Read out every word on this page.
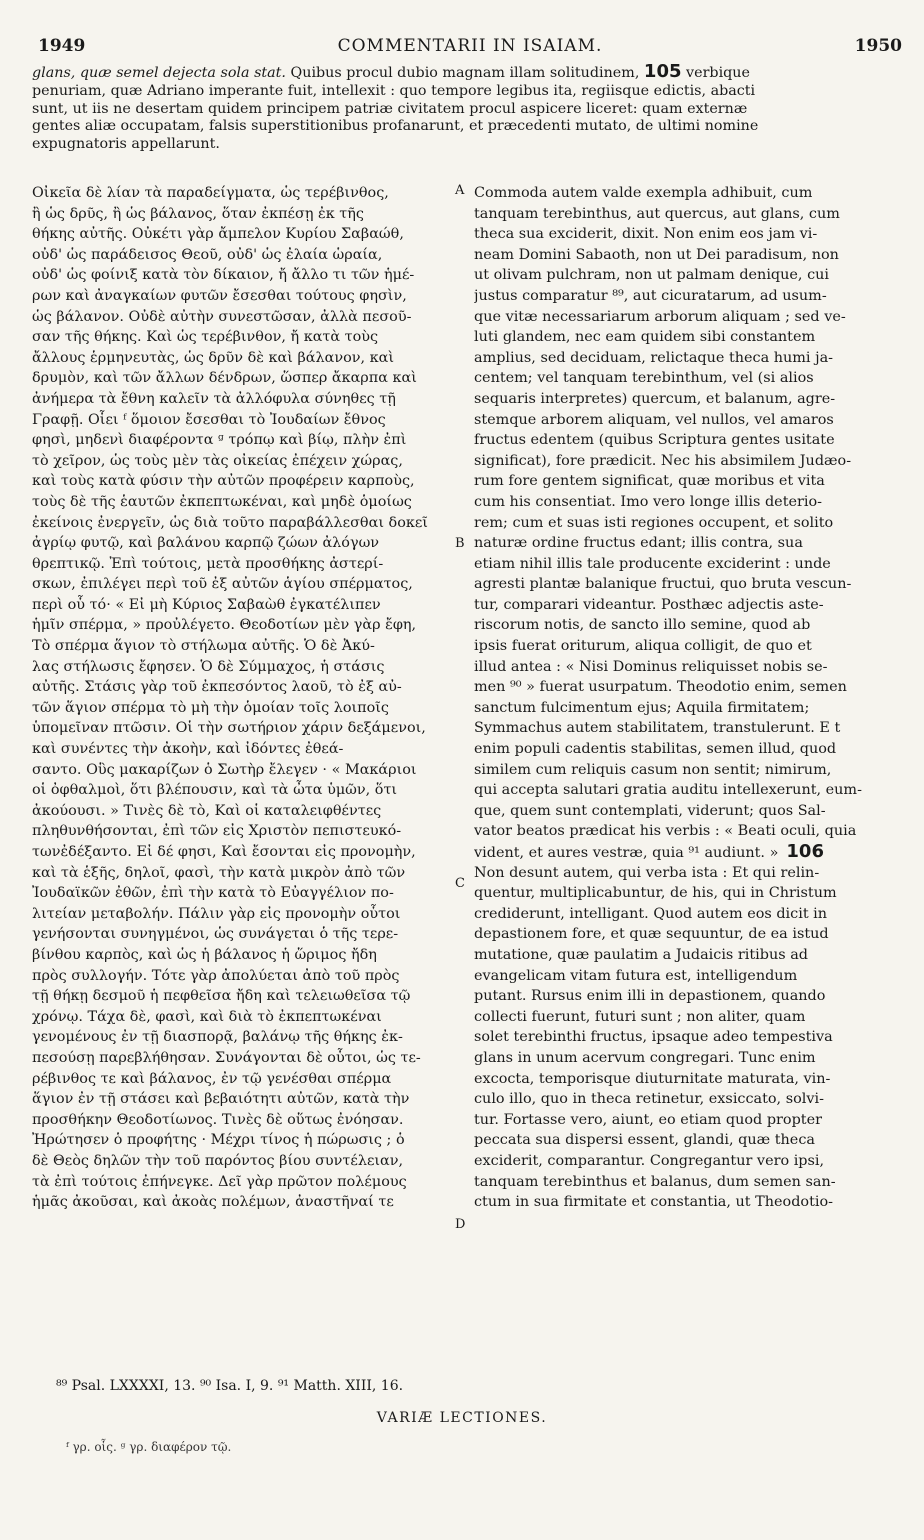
1949	COMMENTARII IN ISAIAM.	1950
glans, quæ semel dejecta sola stat. Quibus procul dubio magnam illam solitudinem, 105 verbique
penuriam, quæ Adriano imperante fuit, intellexit : quo tempore legibus ita, regiisque edictis, abacti
sunt, ut iis ne desertam quidem principem patriæ civitatem procul aspicere liceret: quam externæ
gentes aliæ occupatam, falsis superstitionibus profanarunt, et præcedenti mutato, de ultimi nomine
expugnatoris appellarunt.
Οἰκεῖα δὲ λίαν τὰ παραδείγματα, ὡς τερέβινθος,
ἢ ὡς δρῦς, ἢ ὡς βάλανος, ὅταν ἐκπέσῃ ἐκ τῆς
θήκης αὐτῆς. Οὐκέτι γὰρ ἄμπελον Κυρίου Σαβαώθ,
οὐδ' ὡς παράδεισος Θεοῦ, οὐδ' ὡς ἐλαία ὡραία,
οὐδ' ὡς φοίνιξ κατὰ τὸν δίκαιον, ἤ ἄλλο τι τῶν ἡμέ-
ρων καὶ ἀναγκαίων φυτῶν ἔσεσθαι τούτους φησὶν,
ὡς βάλανον. Οὐδὲ αὐτὴν συνεστῶσαν, ἀλλὰ πεσοῦ-
σαν τῆς θήκης. Καὶ ὡς τερέβινθον, ἤ κατὰ τοὺς
ἄλλους ἑρμηνευτὰς, ὡς δρῦν δὲ καὶ βάλανον, καὶ
δρυμὸν, καὶ τῶν ἄλλων δένδρων, ὥσπερ ἄκαρπα καὶ
ἀνήμερα τὰ ἔθνη καλεῖν τὰ ἀλλόφυλα σύνηθες τῇ
Γραφῇ. Οἷει ᶠ ὅμοιον ἔσεσθαι τὸ Ἰουδαίων ἔθνος
φησὶ, μηδενὶ διαφέροντα ᵍ τρόπῳ καὶ βίῳ, πλὴν ἐπὶ
τὸ χεῖρον, ὡς τοὺς μὲν τὰς οἰκείας ἐπέχειν χώρας,
καὶ τοὺς κατὰ φύσιν τὴν αὐτῶν προφέρειν καρποὺς,
τοὺς δὲ τῆς ἑαυτῶν ἐκπεπτωκέναι, καὶ μηδὲ ὁμοίως
ἐκείνοις ἐνεργεῖν, ὡς διὰ τοῦτο παραβάλλεσθαι δοκεῖ
ἀγρίῳ φυτῷ, καὶ βαλάνου καρπῷ ζώων ἀλόγων
θρεπτικῷ. Ἐπὶ τούτοις, μετὰ προσθήκης ἀστερί-
σκων, ἐπιλέγει περὶ τοῦ ἐξ αὐτῶν ἁγίου σπέρματος,
περὶ οὗ τό· « Εἰ μὴ Κύριος Σαβαὼθ ἐγκατέλιπεν
ἡμῖν σπέρμα, » προὐλέγετο. Θεοδοτίων μὲν γὰρ ἔφη,
Τὸ σπέρμα ἅγιον τὸ στήλωμα αὐτῆς. Ὁ δὲ Ἀκύ-
λας στήλωσις ἔφησεν. Ὁ δὲ Σύμμαχος, ἡ στάσις
αὐτῆς. Στάσις γὰρ τοῦ ἐκπεσόντος λαοῦ, τὸ ἐξ αὐ-
τῶν ἅγιον σπέρμα τὸ μὴ τὴν ὁμοίαν τοῖς λοιποῖς
ὑπομεῖναν πτῶσιν. Οἱ τὴν σωτήριον χάριν δεξάμενοι,
καὶ συνέντες τὴν ἀκοὴν, καὶ ἰδόντες ἐθεά-
σαντο. Οὓς μακαρίζων ὁ Σωτὴρ ἔλεγεν · « Μακάριοι
οἱ ὀφθαλμοὶ, ὅτι βλέπουσιν, καὶ τὰ ὦτα ὑμῶν, ὅτι
ἀκούουσι. » Τινὲς δὲ τὸ, Καὶ οἱ καταλειφθέντες
πληθυνθήσονται, ἐπὶ τῶν εἰς Χριστὸν πεπιστευκό-
τωνἐδέξαντο. Εἰ δέ φησι, Καὶ ἔσονται εἰς προνομὴν,
καὶ τὰ ἑξῆς, δηλοῖ, φασὶ, τὴν κατὰ μικρὸν ἀπὸ τῶν
Ἰουδαϊκῶν ἐθῶν, ἐπὶ τὴν κατὰ τὸ Εὐαγγέλιον πο-
λιτείαν μεταβολήν. Πάλιν γὰρ εἰς προνομὴν οὗτοι
γενήσονται συνηγμένοι, ὡς συνάγεται ὁ τῆς τερε-
βίνθου καρπὸς, καὶ ὡς ἡ βάλανος ἡ ὥριμος ἤδη
πρὸς συλλογήν. Τότε γὰρ ἀπολύεται ἀπὸ τοῦ πρὸς
τῇ θήκῃ δεσμοῦ ἡ πεφθεῖσα ἤδη καὶ τελειωθεῖσα τῷ
χρόνῳ. Τάχα δὲ, φασὶ, καὶ διὰ τὸ ἐκπεπτωκέναι
γενομένους ἐν τῇ διασπορᾷ, βαλάνῳ τῆς θήκης ἐκ-
πεσούσῃ παρεβλήθησαν. Συνάγονται δὲ οὗτοι, ὡς τε-
ρέβινθος τε καὶ βάλανος, ἐν τῷ γενέσθαι σπέρμα
ἅγιον ἐν τῇ στάσει καὶ βεβαιότητι αὐτῶν, κατὰ τὴν
προσθήκην Θεοδοτίωνος. Τινὲς δὲ οὕτως ἐνόησαν.
Ἠρώτησεν ὁ προφήτης · Μέχρι τίνος ἡ πώρωσις ; ὁ
δὲ Θεὸς δηλῶν τὴν τοῦ παρόντος βίου συντέλειαν,
τὰ ἐπὶ τούτοις ἐπήνεγκε. Δεῖ γὰρ πρῶτον πολέμους
ἡμᾶς ἀκοῦσαι, καὶ ἀκοὰς πολέμων, ἀναστῆναί τε
Commoda autem valde exempla adhibuit, cum
tanquam terebinthus, aut quercus, aut glans, cum
theca sua exciderit, dixit. Non enim eos jam vi-
neam Domini Sabaoth, non ut Dei paradisum, non
ut olivam pulchram, non ut palmam denique, cui
justus comparatur ⁸⁹, aut cicuratarum, ad usum-
que vitæ necessariarum arborum aliquam ; sed ve-
luti glandem, nec eam quidem sibi constantem
amplius, sed deciduam, relictaque theca humi ja-
centem; vel tanquam terebinthum, vel (si alios
sequaris interpretes) quercum, et balanum, agre-
stemque arborem aliquam, vel nullos, vel amaros
fructus edentem (quibus Scriptura gentes usitate
significat), fore prædicit. Nec his absimilem Judæo-
rum fore gentem significat, quæ moribus et vita
cum his consentiat. Imo vero longe illis deterio-
rem; cum et suas isti regiones occupent, et solito
naturæ ordine fructus edant; illis contra, sua
etiam nihil illis tale producente exciderint : unde
agresti plantæ balanique fructui, quo bruta vescun-
tur, comparari videantur. Posthæc adjectis aste-
riscorum notis, de sancto illo semine, quod ab
ipsis fuerat oriturum, aliqua colligit, de quo et
illud antea : « Nisi Dominus reliquisset nobis se-
men ⁹⁰ » fuerat usurpatum. Theodotio enim, semen
sanctum fulcimentum ejus; Aquila firmitatem;
Symmachus autem stabilitatem, transtulerunt. E t
enim populi cadentis stabilitas, semen illud, quod
similem cum reliquis casum non sentit; nimirum,
qui accepta salutari gratia auditu intellexerunt, eum-
que, quem sunt contemplati, viderunt; quos Sal-
vator beatos prædicat his verbis : « Beati oculi, quia
vident, et aures vestræ, quia ⁹¹ audiunt. » 106
Non desunt autem, qui verba ista : Et qui relin-
quentur, multiplicabuntur, de his, qui in Christum
crediderunt, intelligant. Quod autem eos dicit in
depastionem fore, et quæ sequuntur, de ea istud
mutatione, quæ paulatim a Judaicis ritibus ad
evangelicam vitam futura est, intelligendum
putant. Rursus enim illi in depastionem, quando
collecti fuerunt, futuri sunt ; non aliter, quam
solet terebinthi fructus, ipsaque adeo tempestiva
glans in unum acervum congregari. Tunc enim
excocta, temporisque diuturnitate maturata, vin-
culo illo, quo in theca retinetur, exsiccato, solvi-
tur. Fortasse vero, aiunt, eo etiam quod propter
peccata sua dispersi essent, glandi, quæ theca
exciderit, comparantur. Congregantur vero ipsi,
tanquam terebinthus et balanus, dum semen san-
ctum in sua firmitate et constantia, ut Theodotio-
A
B
C
D
⁸⁹ Psal. LXXXXI, 13. ⁹⁰ Isa. I, 9. ⁹¹ Matth. XIII, 16.
VARIÆ LECTIONES.
ᶠ γρ. οἷς. ᵍ γρ. διαφέρον τῷ.
